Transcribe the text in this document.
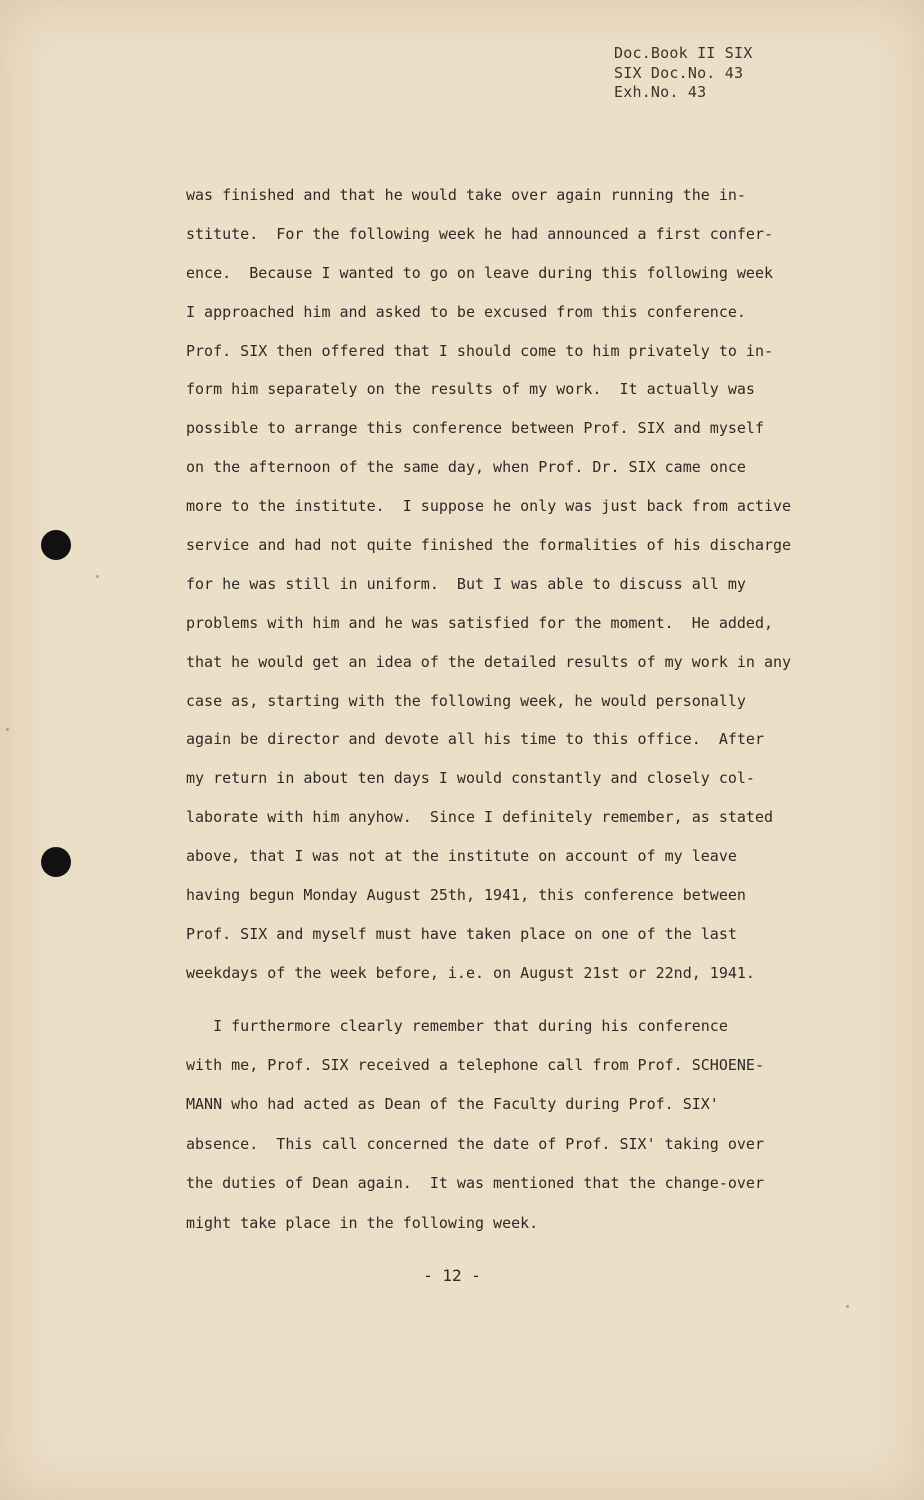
Doc.Book II SIX
SIX Doc.No. 43
Exh.No. 43
was finished and that he would take over again running the in-
stitute.  For the following week he had announced a first confer-
ence.  Because I wanted to go on leave during this following week
I approached him and asked to be excused from this conference.
Prof. SIX then offered that I should come to him privately to in-
form him separately on the results of my work.  It actually was
possible to arrange this conference between Prof. SIX and myself
on the afternoon of the same day, when Prof. Dr. SIX came once
more to the institute.  I suppose he only was just back from active
service and had not quite finished the formalities of his discharge
for he was still in uniform.  But I was able to discuss all my
problems with him and he was satisfied for the moment.  He added,
that he would get an idea of the detailed results of my work in any
case as, starting with the following week, he would personally
again be director and devote all his time to this office.  After
my return in about ten days I would constantly and closely col-
laborate with him anyhow.  Since I definitely remember, as stated
above, that I was not at the institute on account of my leave
having begun Monday August 25th, 1941, this conference between
Prof. SIX and myself must have taken place on one of the last
weekdays of the week before, i.e. on August 21st or 22nd, 1941.
I furthermore clearly remember that during his conference
with me, Prof. SIX received a telephone call from Prof. SCHOENE-
MANN who had acted as Dean of the Faculty during Prof. SIX'
absence.  This call concerned the date of Prof. SIX' taking over
the duties of Dean again.  It was mentioned that the change-over
might take place in the following week.
- 12 -
